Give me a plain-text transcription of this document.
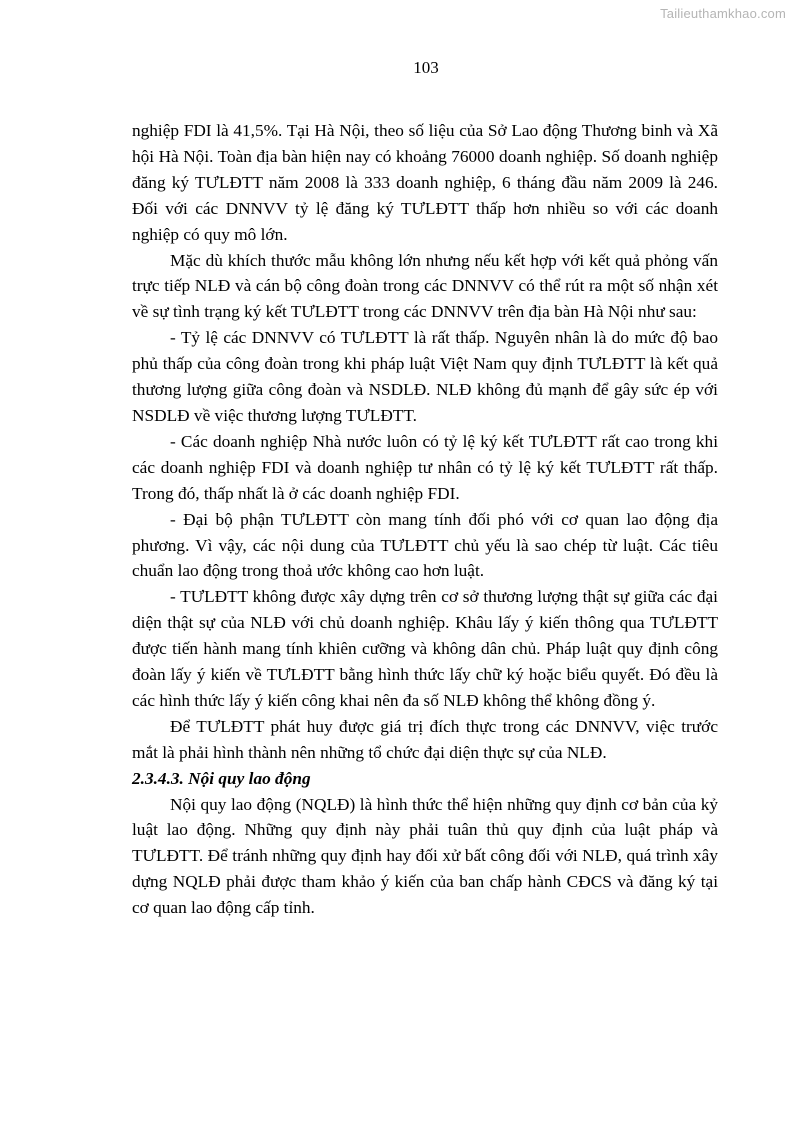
Tailieuthamkhao.com
103

nghiệp FDI là 41,5%. Tại Hà Nội, theo số liệu của Sở Lao động Thương binh và Xã hội Hà Nội. Toàn địa bàn hiện nay có khoảng 76000 doanh nghiệp. Số doanh nghiệp đăng ký TƯLĐTT năm 2008 là 333 doanh nghiệp, 6 tháng đầu năm 2009 là 246. Đối với các DNNVV tỷ lệ đăng ký TƯLĐTT thấp hơn nhiều so với các doanh nghiệp có quy mô lớn.

Mặc dù khích thước mẫu không lớn nhưng nếu kết hợp với kết quả phỏng vấn trực tiếp NLĐ và cán bộ công đoàn trong các DNNVV có thể rút ra một số nhận xét về sự tình trạng ký kết TƯLĐTT trong các DNNVV trên địa bàn Hà Nội như sau:

- Tỷ lệ các DNNVV có TƯLĐTT là rất thấp. Nguyên nhân là do mức độ bao phủ thấp của công đoàn trong khi pháp luật Việt Nam quy định TƯLĐTT là kết quả thương lượng giữa công đoàn và NSDLĐ. NLĐ không đủ mạnh để gây sức ép với NSDLĐ về việc thương lượng TƯLĐTT.

- Các doanh nghiệp Nhà nước luôn có tỷ lệ ký kết TƯLĐTT rất cao trong khi các doanh nghiệp FDI và doanh nghiệp tư nhân có tỷ lệ ký kết TƯLĐTT rất thấp. Trong đó, thấp nhất là ở các doanh nghiệp FDI.

- Đại bộ phận TƯLĐTT còn mang tính đối phó với cơ quan lao động địa phương. Vì vậy, các nội dung của TƯLĐTT chủ yếu là sao chép từ luật. Các tiêu chuẩn lao động trong thoả ước không cao hơn luật.

- TƯLĐTT không được xây dựng trên cơ sở thương lượng thật sự giữa các đại diện thật sự của NLĐ với chủ doanh nghiệp. Khâu lấy ý kiến thông qua TƯLĐTT được tiến hành mang tính khiên cưỡng và không dân chủ. Pháp luật quy định công đoàn lấy ý kiến về TƯLĐTT bằng hình thức lấy chữ ký hoặc biểu quyết. Đó đều là các hình thức lấy ý kiến công khai nên đa số NLĐ không thể không đồng ý.

Để TƯLĐTT phát huy được giá trị đích thực trong các DNNVV, việc trước mắt là phải hình thành nên những tổ chức đại diện thực sự của NLĐ.

2.3.4.3. Nội quy lao động

Nội quy lao động (NQLĐ) là hình thức thể hiện những quy định cơ bản của kỷ luật lao động. Những quy định này phải tuân thủ quy định của luật pháp và TƯLĐTT. Để tránh những quy định hay đối xử bất công đối với NLĐ, quá trình xây dựng NQLĐ phải được tham khảo ý kiến của ban chấp hành CĐCS và đăng ký tại cơ quan lao động cấp tỉnh.
